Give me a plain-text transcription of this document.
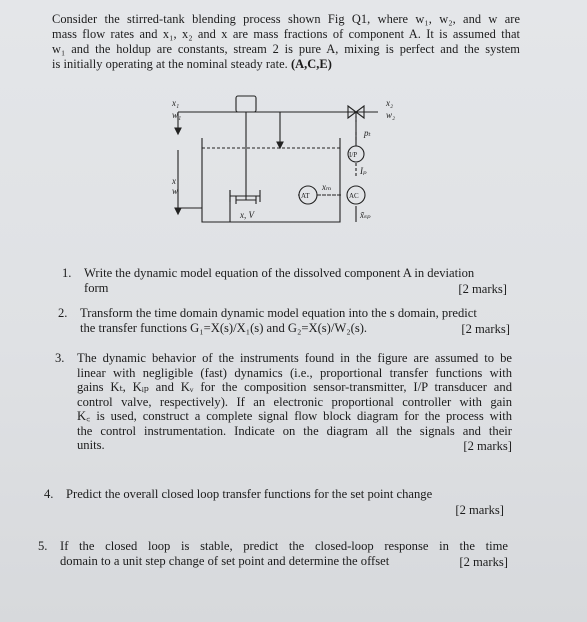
Consider the stirred-tank blending process shown Fig Q1, where w₁, w₂, and w are
mass flow rates and x₁, x₂ and x are mass fractions of component A. It is assumed that
w₁ and the holdup are constants, stream 2 is pure A, mixing is perfect and the system
is initially operating at the nominal steady rate. (A,C,E)
x₁
w₁
x₂
w₂
x
w
x, V
pₜ
Iₚ
xₘ
x̃ₛₚ
I/P
AT	AC
1. Write the dynamic model equation of the dissolved component A in deviation
form	[2 marks]
2. Transform the time domain dynamic model equation into the s domain, predict
the transfer functions G₁=X(s)/X₁(s) and G₂=X(s)/W₂(s).	[2 marks]
3. The dynamic behavior of the instruments found in the figure are assumed to be
linear with negligible (fast) dynamics (i.e., proportional transfer functions with
gains Kₜ, Kᵢₚ and Kᵥ for the composition sensor-transmitter, I/P transducer and
control valve, respectively). If an electronic proportional controller with gain
K꜀ is used, construct a complete signal flow block diagram for the process with
the control instrumentation. Indicate on the diagram all the signals and their
units.	[2 marks]
4. Predict the overall closed loop transfer functions for the set point change
[2 marks]
5. If the closed loop is stable, predict the closed-loop response in the time
domain to a unit step change of set point and determine the offset	[2 marks]
